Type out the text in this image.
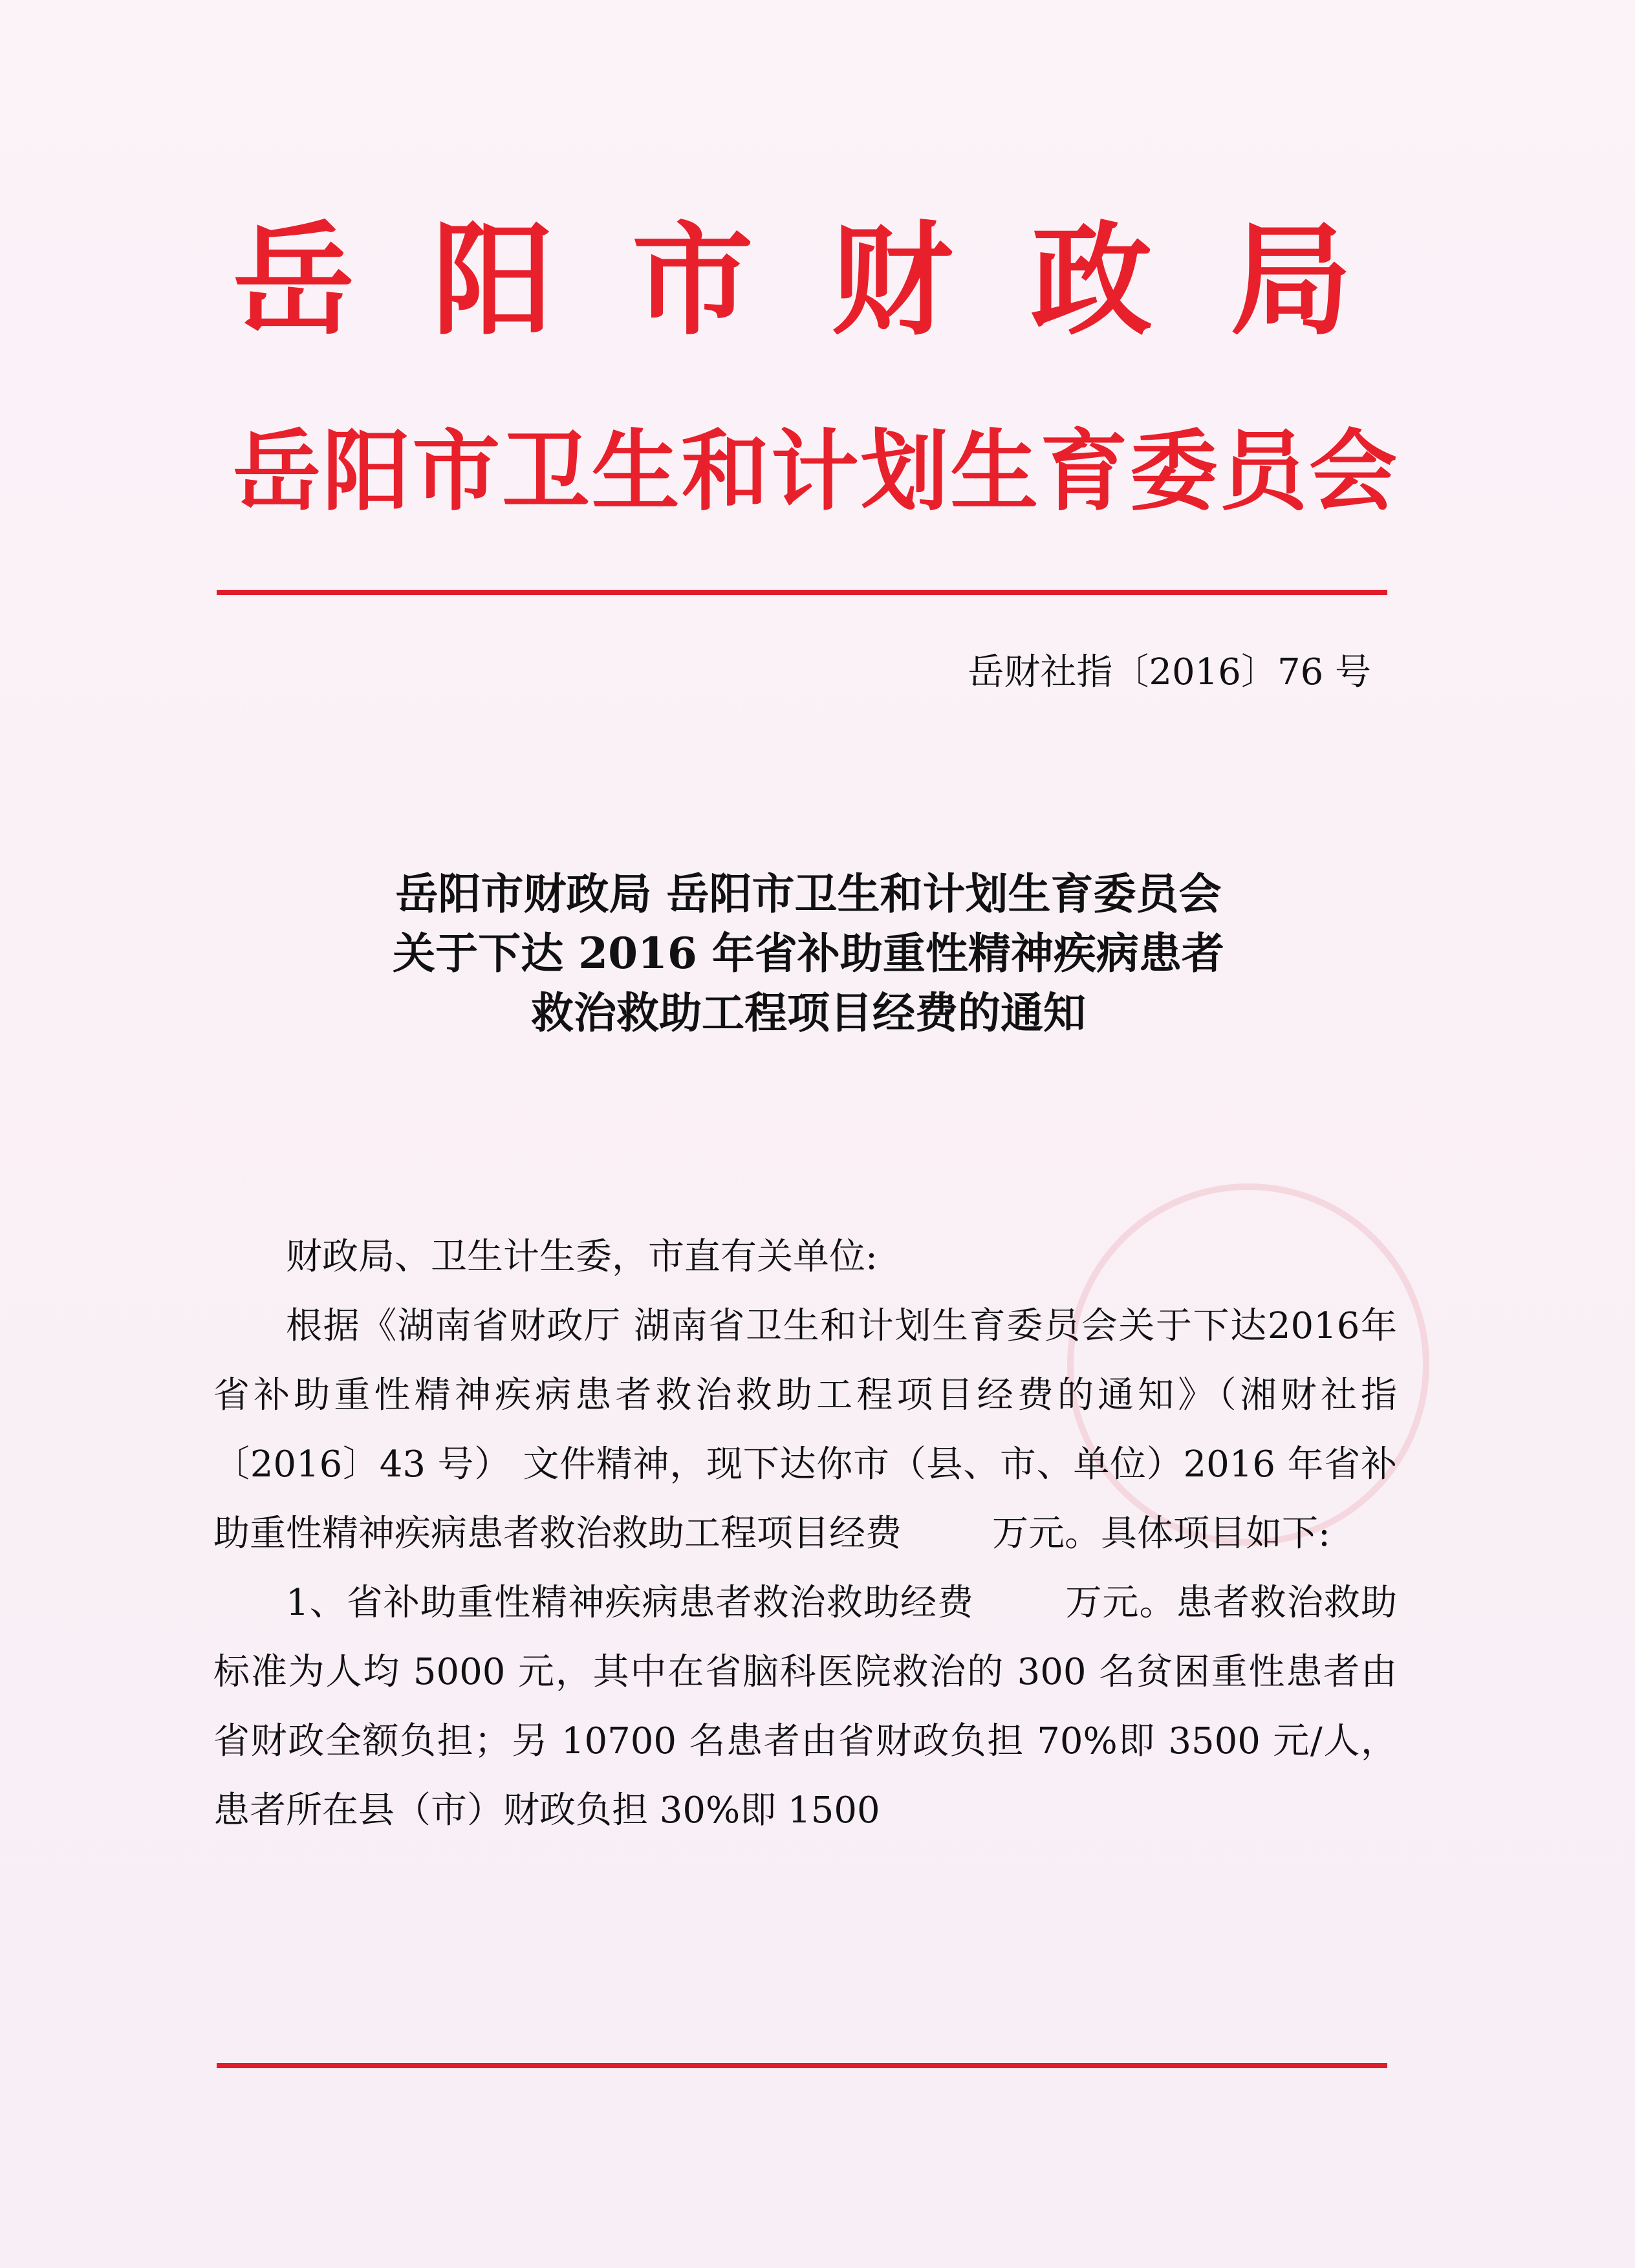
岳阳市财政局
岳阳市卫生和计划生育委员会
岳财社指〔2016〕76 号
岳阳市财政局 岳阳市卫生和计划生育委员会
关于下达 2016 年省补助重性精神疾病患者
救治救助工程项目经费的通知

财政局、卫生计生委，市直有关单位:

根据《湖南省财政厅 湖南省卫生和计划生育委员会关于下达2016年省补助重性精神疾病患者救治救助工程项目经费的通知》（湘财社指〔2016〕43 号） 文件精神，现下达你市（县、市、单位）2016 年省补助重性精神疾病患者救治救助工程项目经费	万元。具体项目如下:

1、省补助重性精神疾病患者救治救助经费	万元。患者救治救助标准为人均 5000 元，其中在省脑科医院救治的 300 名贫困重性患者由省财政全额负担；另 10700 名患者由省财政负担 70%即 3500 元/人，患者所在县（市）财政负担 30%即 1500
